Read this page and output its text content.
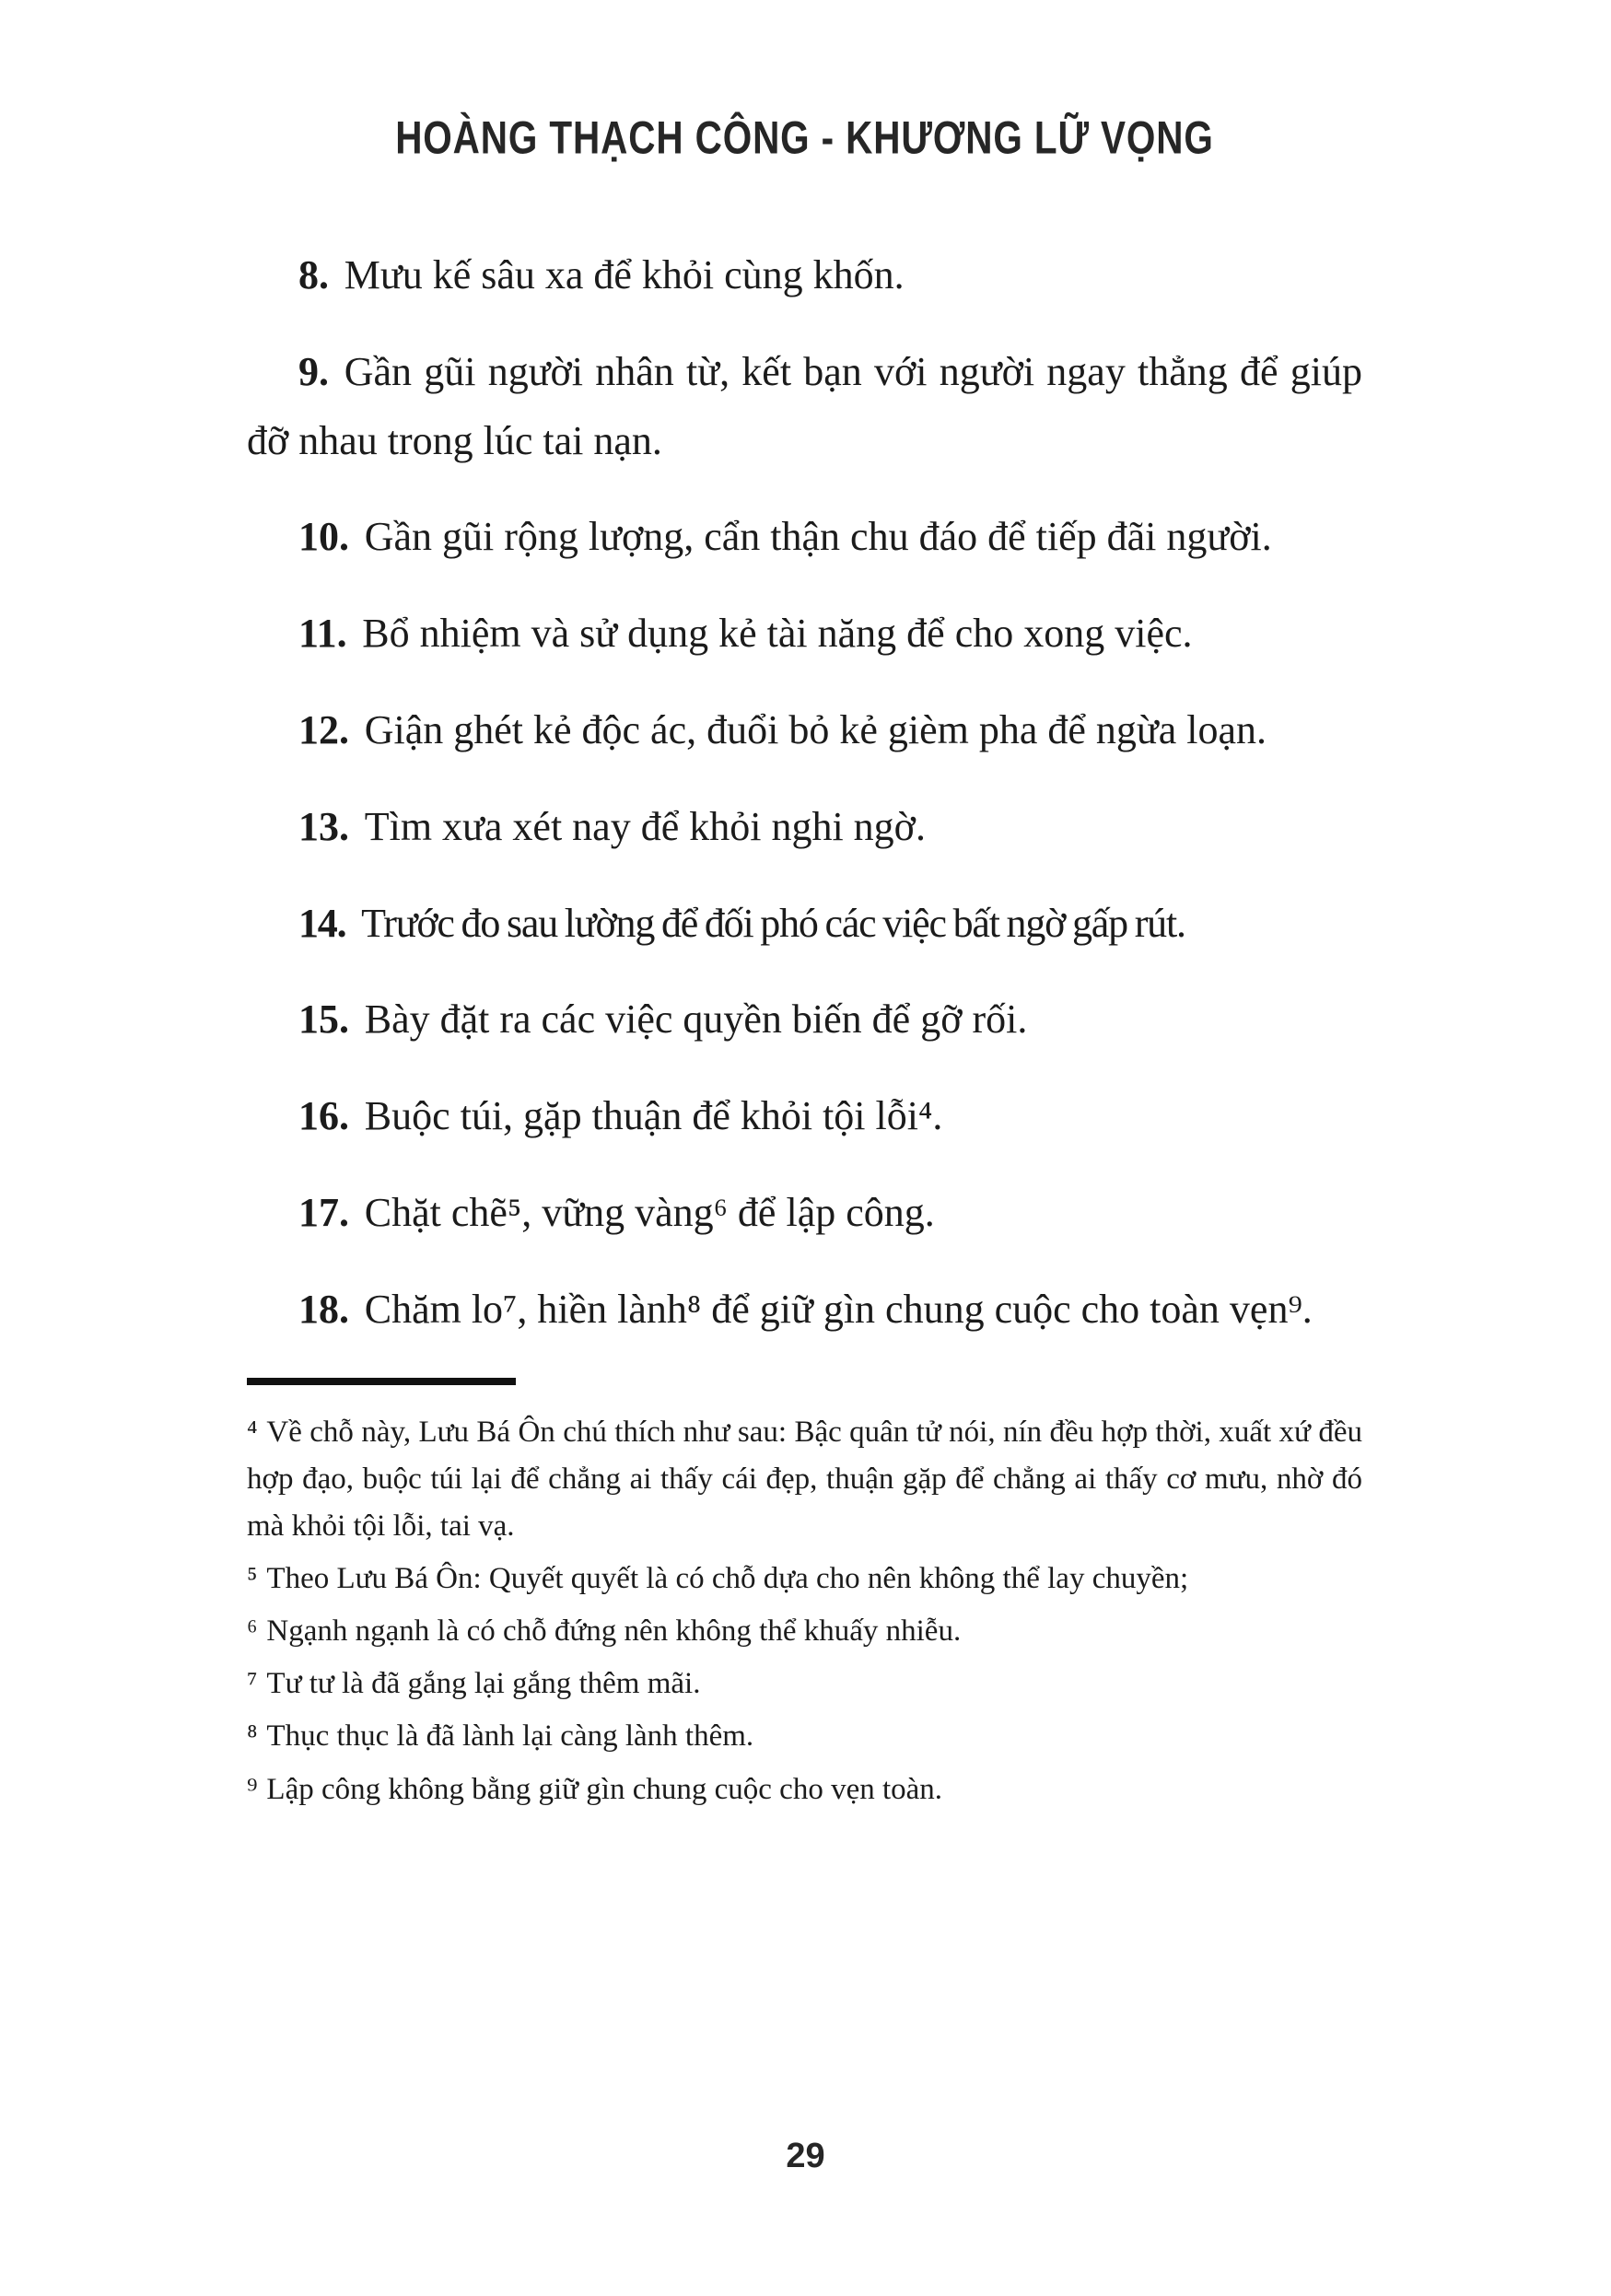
HOÀNG THẠCH CÔNG - KHƯƠNG LỮ VỌNG

8. Mưu kế sâu xa để khỏi cùng khốn.

9. Gần gũi người nhân từ, kết bạn với người ngay thẳng để giúp đỡ nhau trong lúc tai nạn.

10. Gần gũi rộng lượng, cẩn thận chu đáo để tiếp đãi người.

11. Bổ nhiệm và sử dụng kẻ tài năng để cho xong việc.

12. Giận ghét kẻ độc ác, đuổi bỏ kẻ gièm pha để ngừa loạn.

13. Tìm xưa xét nay để khỏi nghi ngờ.

14. Trước đo sau lường để đối phó các việc bất ngờ gấp rút.

15. Bày đặt ra các việc quyền biến để gỡ rối.

16. Buộc túi, gặp thuận để khỏi tội lỗi⁴.

17. Chặt chẽ⁵, vững vàng⁶ để lập công.

18. Chăm lo⁷, hiền lành⁸ để giữ gìn chung cuộc cho toàn vẹn⁹.

⁴ Về chỗ này, Lưu Bá Ôn chú thích như sau: Bậc quân tử nói, nín đều hợp thời, xuất xứ đều hợp đạo, buộc túi lại để chẳng ai thấy cái đẹp, thuận gặp để chẳng ai thấy cơ mưu, nhờ đó mà khỏi tội lỗi, tai vạ.

⁵ Theo Lưu Bá Ôn: Quyết quyết là có chỗ dựa cho nên không thể lay chuyền;

⁶ Ngạnh ngạnh là có chỗ đứng nên không thể khuấy nhiễu.

⁷ Tư tư là đã gắng lại gắng thêm mãi.

⁸ Thục thục là đã lành lại càng lành thêm.

⁹ Lập công không bằng giữ gìn chung cuộc cho vẹn toàn.

29
